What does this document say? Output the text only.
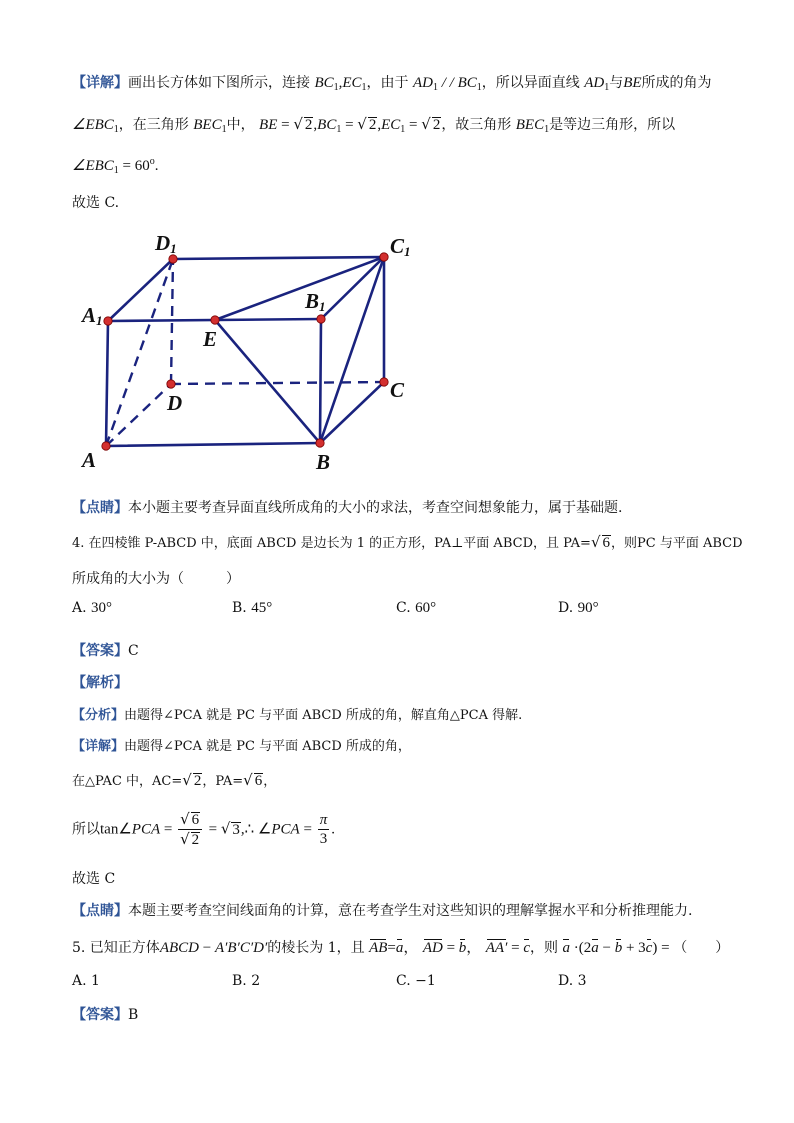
【详解】画出长方体如下图所示，连接 $BC_1,EC_1$，由于 $AD_1$ / / $BC_1$，所以异面直线 $AD_1$与BE所成的角为
$\angle EBC_1$，在三角形 $BEC_1$中， BE = √ $2,BC_1$ = √ $2,EC_1$ = √ 2，故三角形 $BEC_1$是等边三角形，所以
$\angle EBC_1 = 60^o$.
故选 C.
D1	C1
A1
B1
E
D
C
A	B
【点睛】本小题主要考查异面直线所成角的大小的求法，考查空间想象能力，属于基础题.
4. 在四棱锥 P-ABCD 中，底面 ABCD 是边长为 1 的正方形，PA⊥平面 ABCD，且 PA=√ 6，则PC 与平面 ABCD
所成角的大小为（　　　）
A. 30°	B. 45°	C. 60°	D. 90°
【答案】C
【解析】
【分析】由题得∠PCA 就是 PC 与平面 ABCD 所成的角，解直角△PCA 得解.
【详解】由题得∠PCA 就是 PC 与平面 ABCD 所成的角，
在△PAC 中，AC=√ 2，PA=√ 6，
所以tan∠PCA = $\frac{√ 6}{√ 2}$ = √ 3,∴ ∠PCA = $\frac{\pi}{3}$ .
故选 C
【点睛】本题主要考查空间线面角的计算，意在考查学生对这些知识的理解掌握水平和分析推理能力.
5. 已知正方体ABCD − A′B′C′D′的棱长为 1，且 AB=a， AD = b， AA′ = c，则 a ·(2a − b + 3c) = （　　）
A. 1	B. 2	C. −1	D. 3
【答案】B
